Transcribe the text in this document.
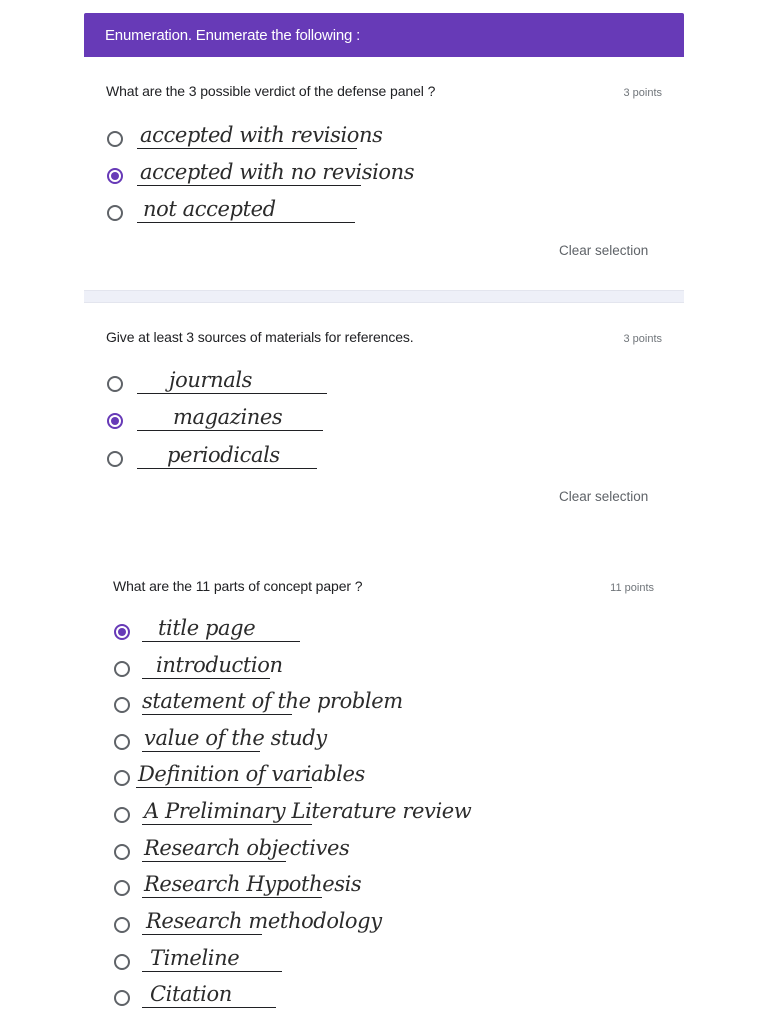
Enumeration. Enumerate the following :
What are the 3 possible verdict of the defense panel ?	3 points
accepted with revisions
accepted with no revisions
not accepted
Clear selection
Give at least 3 sources of materials for references.	3 points
journals
magazines
periodicals
Clear selection
What are the 11 parts of concept paper ?	11 points
title page
introduction
statement of the problem
value of the study
Definition of variables
A Preliminary Literature review
Research objectives
Research Hypothesis
Research methodology
Timeline
Citation
